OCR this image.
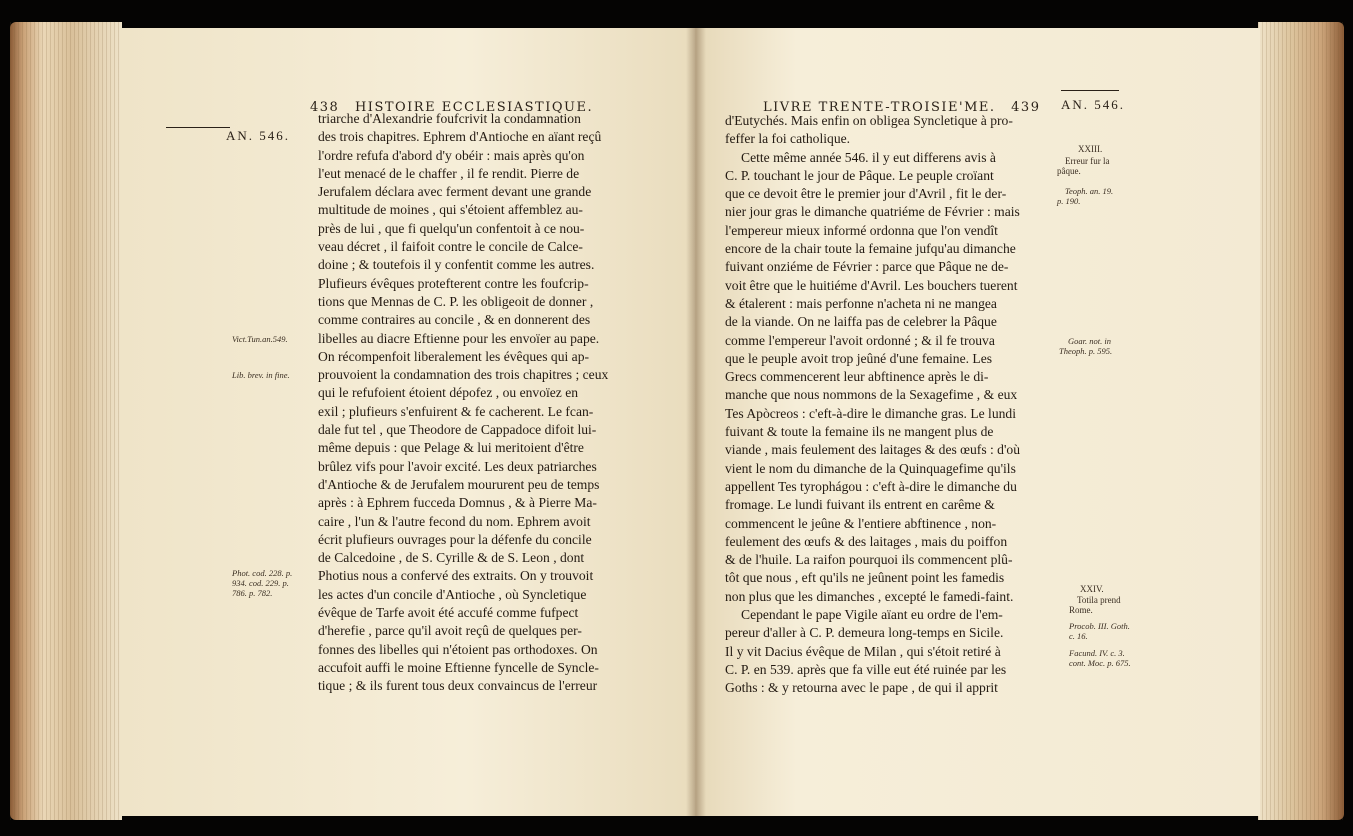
438 HISTOIRE ECCLESIASTIQUE.
AN. 546.
Vict.Tun.an.549.
Lib. brev. in fine.
Phot. cod. 228. p.
934. cod. 229. p.
786. p. 782.

triarche d'Alexandrie foufcrivit la condamnation

des trois chapitres. Ephrem d'Antioche en aïant reçû

l'ordre refufa d'abord d'y obéir : mais après qu'on

l'eut menacé de le chaffer , il fe rendit. Pierre de

Jerufalem déclara avec ferment devant une grande

multitude de moines , qui s'étoient affemblez au-

près de lui , que fi quelqu'un confentoit à ce nou-

veau décret , il faifoit contre le concile de Calce-

doine ; & toutefois il y confentit comme les autres.

Plufieurs évêques protefterent contre les foufcrip-

tions que Mennas de C. P. les obligeoit de donner ,

comme contraires au concile , & en donnerent des

libelles au diacre Eftienne pour les envoïer au pape.

On récompenfoit liberalement les évêques qui ap-

prouvoient la condamnation des trois chapitres ; ceux

qui le refufoient étoient dépofez , ou envoïez en

exil ; plufieurs s'enfuirent & fe cacherent. Le fcan-

dale fut tel , que Theodore de Cappadoce difoit lui-

même depuis : que Pelage & lui meritoient d'être

brûlez vifs pour l'avoir excité. Les deux patriarches

d'Antioche & de Jerufalem moururent peu de temps

après : à Ephrem fucceda Domnus , & à Pierre Ma-

caire , l'un & l'autre fecond du nom. Ephrem avoit

écrit plufieurs ouvrages pour la défenfe du concile

de Calcedoine , de S. Cyrille & de S. Leon , dont

Photius nous a confervé des extraits. On y trouvoit

les actes d'un concile d'Antioche , où Syncletique

évêque de Tarfe avoit été accufé comme fufpect

d'herefie , parce qu'il avoit reçû de quelques per-

fonnes des libelles qui n'étoient pas orthodoxes. On

accufoit auffi le moine Eftienne fyncelle de Syncle-

tique ; & ils furent tous deux convaincus de l'erreur

LIVRE TRENTE-TROISIE'ME. 439 AN. 546.
XXIII.
Erreur fur la
pâque.
Teoph. an. 19.
p. 190.
Goar. not. in
Theoph. p. 595.
XXIV.
Totila prend
Rome.
Procob. III. Goth.
c. 16.
Facund. IV. c. 3.
cont. Moc. p. 675.

d'Eutychés. Mais enfin on obligea Syncletique à pro-

feffer la foi catholique.

Cette même année 546. il y eut differens avis à

C. P. touchant le jour de Pâque. Le peuple croïant

que ce devoit être le premier jour d'Avril , fit le der-

nier jour gras le dimanche quatriéme de Février : mais

l'empereur mieux informé ordonna que l'on vendît

encore de la chair toute la femaine jufqu'au dimanche

fuivant onziéme de Février : parce que Pâque ne de-

voit être que le huitiéme d'Avril. Les bouchers tuerent

& étalerent : mais perfonne n'acheta ni ne mangea

de la viande. On ne laiffa pas de celebrer la Pâque

comme l'empereur l'avoit ordonné ; & il fe trouva

que le peuple avoit trop jeûné d'une femaine. Les

Grecs commencerent leur abftinence après le di-

manche que nous nommons de la Sexagefime , & eux

Tes Apòcreos : c'eft-à-dire le dimanche gras. Le lundi

fuivant & toute la femaine ils ne mangent plus de

viande , mais feulement des laitages & des œufs : d'où

vient le nom du dimanche de la Quinquagefime qu'ils

appellent Tes tyrophágou : c'eft à-dire le dimanche du

fromage. Le lundi fuivant ils entrent en carême &

commencent le jeûne & l'entiere abftinence , non-

feulement des œufs & des laitages , mais du poiffon

& de l'huile. La raifon pourquoi ils commencent plû-

tôt que nous , eft qu'ils ne jeûnent point les famedis

non plus que les dimanches , excepté le famedi-faint.

Cependant le pape Vigile aïant eu ordre de l'em-

pereur d'aller à C. P. demeura long-temps en Sicile.

Il y vit Dacius évêque de Milan , qui s'étoit retiré à

C. P. en 539. après que fa ville eut été ruinée par les

Goths : & y retourna avec le pape , de qui il apprit
